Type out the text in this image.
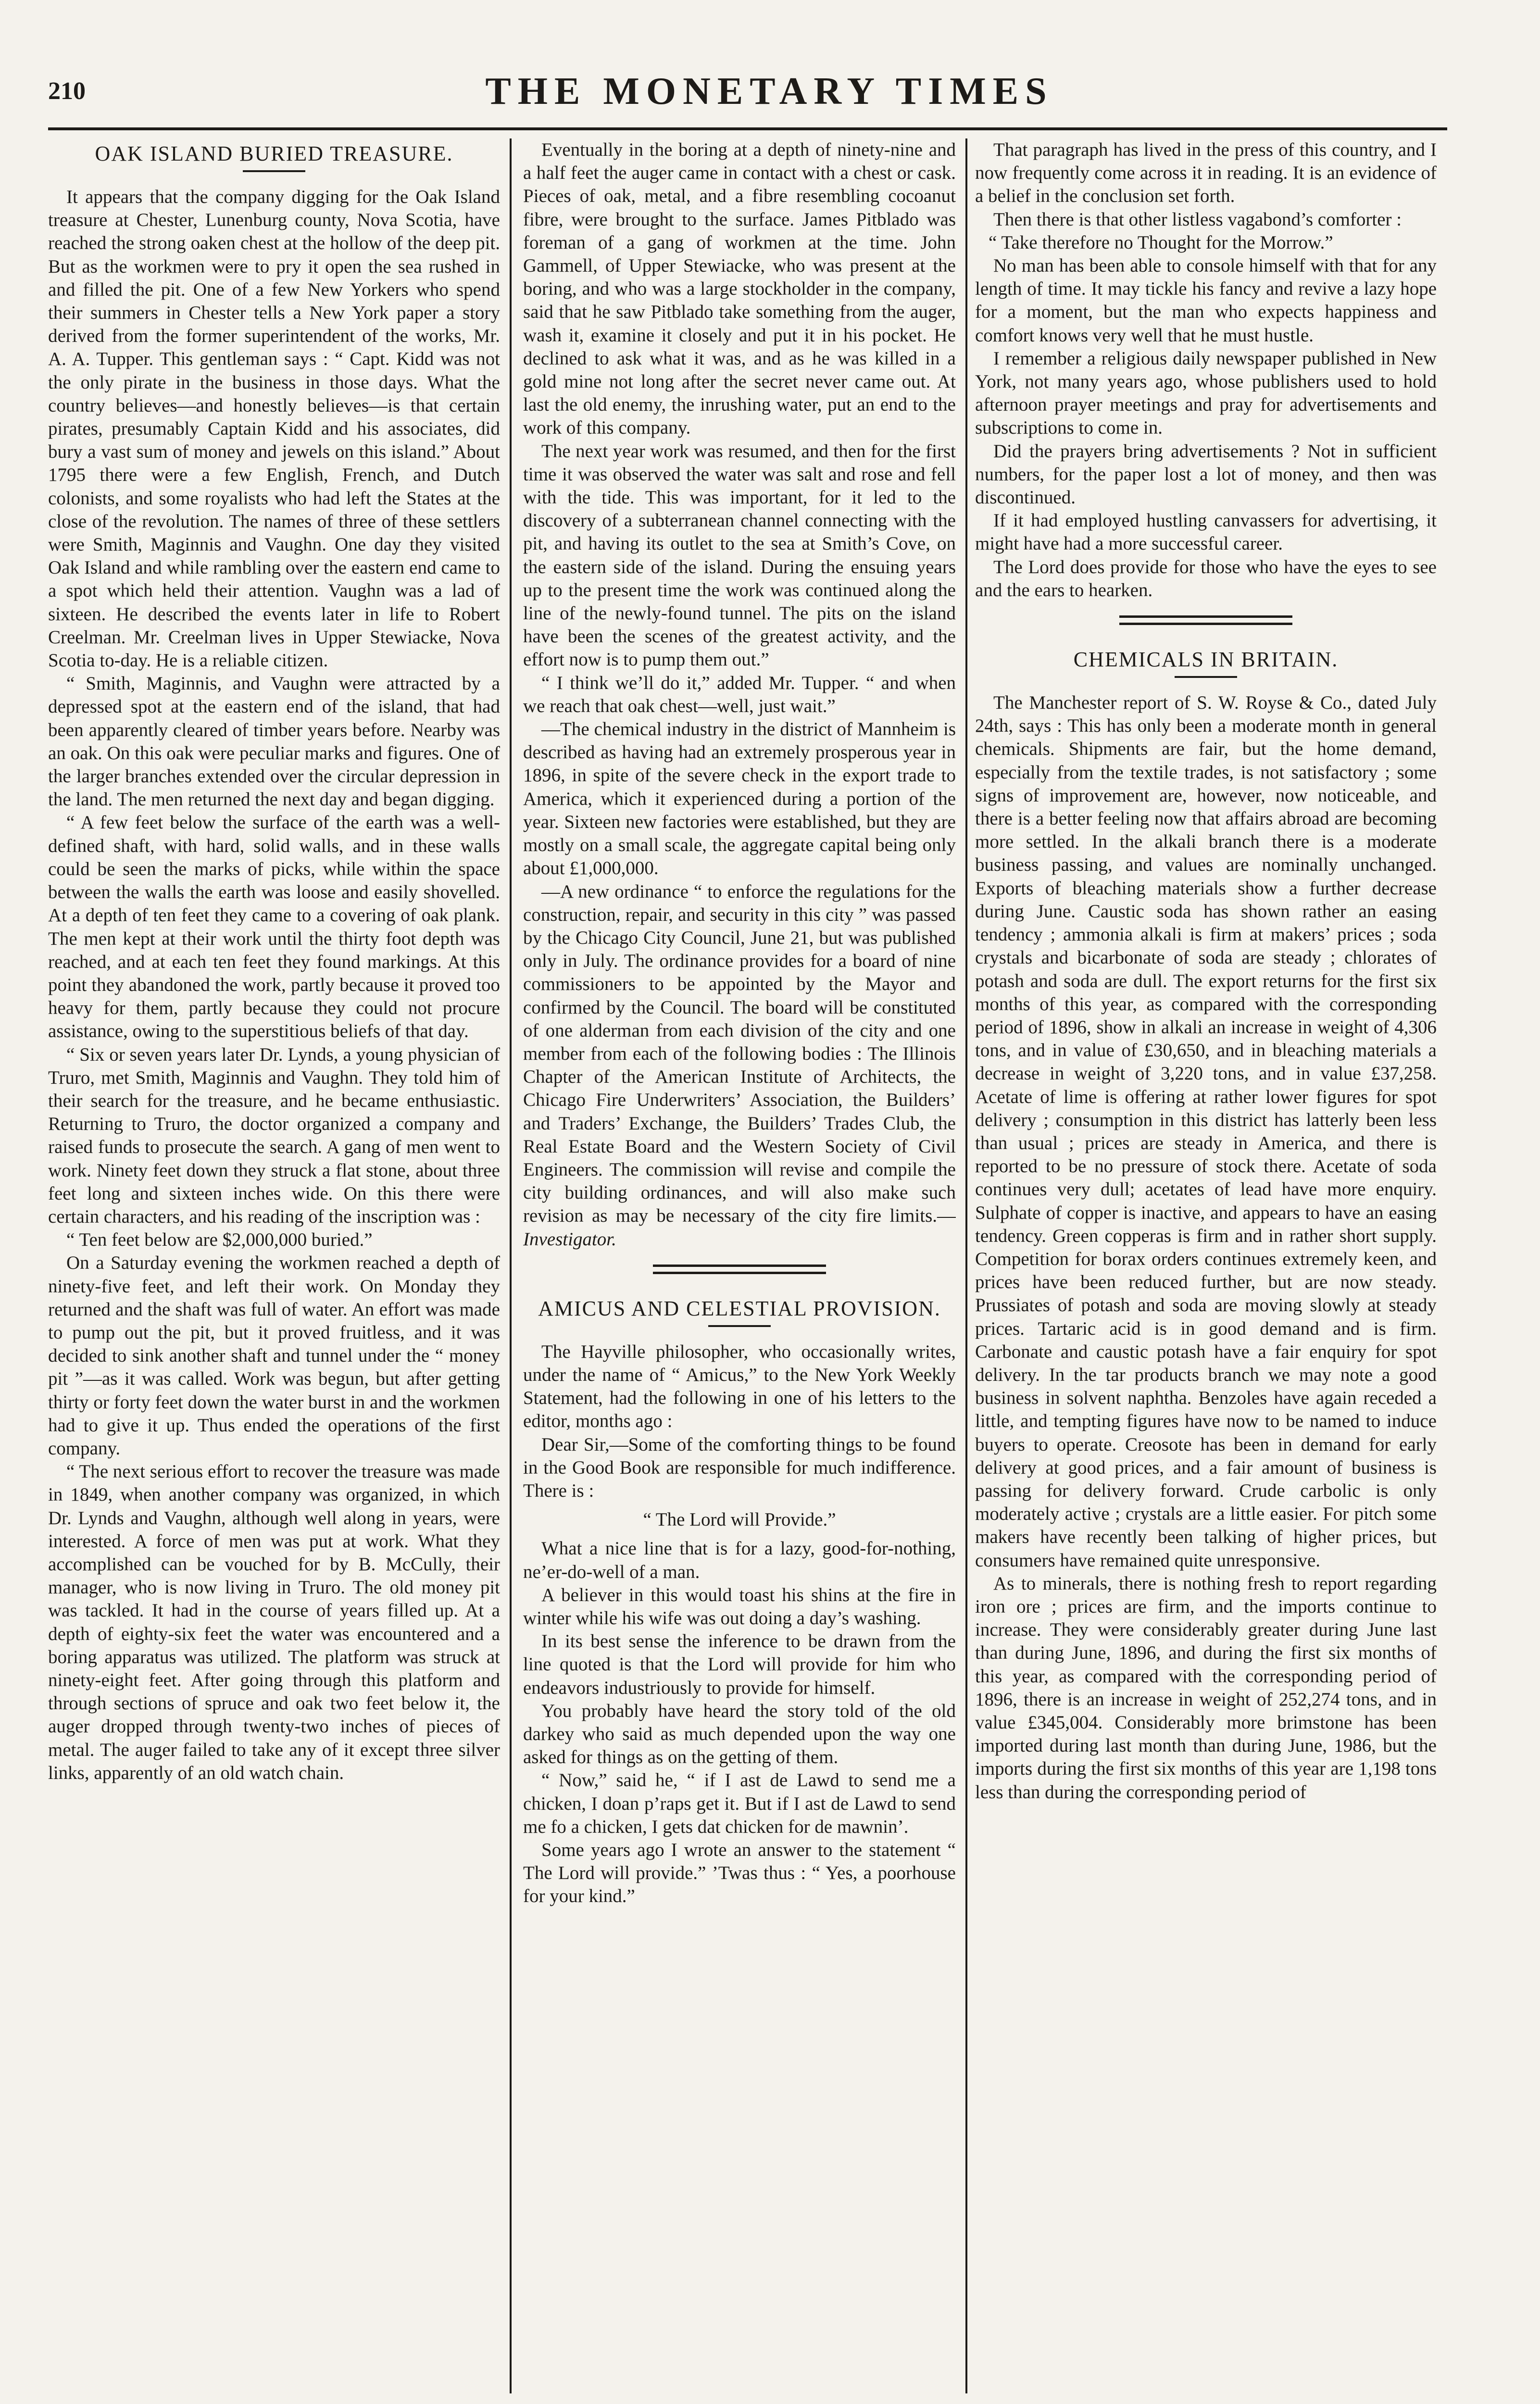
210	THE MONETARY TIMES
OAK ISLAND BURIED TREASURE.

It appears that the company digging for the Oak Island treasure at Chester, Lunenburg county, Nova Scotia, have reached the strong oaken chest at the hollow of the deep pit. But as the workmen were to pry it open the sea rushed in and filled the pit. One of a few New Yorkers who spend their summers in Chester tells a New York paper a story derived from the former superintendent of the works, Mr. A. A. Tupper. This gentleman says : “ Capt. Kidd was not the only pirate in the business in those days. What the country believes—and honestly believes—is that certain pirates, presumably Captain Kidd and his associates, did bury a vast sum of money and jewels on this island.” About 1795 there were a few English, French, and Dutch colonists, and some royalists who had left the States at the close of the revolution. The names of three of these settlers were Smith, Maginnis and Vaughn. One day they visited Oak Island and while rambling over the eastern end came to a spot which held their attention. Vaughn was a lad of sixteen. He described the events later in life to Robert Creelman. Mr. Creelman lives in Upper Stewiacke, Nova Scotia to-day. He is a reliable citizen.

“ Smith, Maginnis, and Vaughn were attracted by a depressed spot at the eastern end of the island, that had been apparently cleared of timber years before. Nearby was an oak. On this oak were peculiar marks and figures. One of the larger branches extended over the circular depression in the land. The men returned the next day and began digging.

“ A few feet below the surface of the earth was a well-defined shaft, with hard, solid walls, and in these walls could be seen the marks of picks, while within the space between the walls the earth was loose and easily shovelled. At a depth of ten feet they came to a covering of oak plank. The men kept at their work until the thirty foot depth was reached, and at each ten feet they found markings. At this point they abandoned the work, partly because it proved too heavy for them, partly because they could not procure assistance, owing to the superstitious beliefs of that day.

“ Six or seven years later Dr. Lynds, a young physician of Truro, met Smith, Maginnis and Vaughn. They told him of their search for the treasure, and he became enthusiastic. Returning to Truro, the doctor organized a company and raised funds to prosecute the search. A gang of men went to work. Ninety feet down they struck a flat stone, about three feet long and sixteen inches wide. On this there were certain characters, and his reading of the inscription was :

“ Ten feet below are $2,000,000 buried.”

On a Saturday evening the workmen reached a depth of ninety-five feet, and left their work. On Monday they returned and the shaft was full of water. An effort was made to pump out the pit, but it proved fruitless, and it was decided to sink another shaft and tunnel under the “ money pit ”—as it was called. Work was begun, but after getting thirty or forty feet down the water burst in and the workmen had to give it up. Thus ended the operations of the first company.

“ The next serious effort to recover the treasure was made in 1849, when another company was organized, in which Dr. Lynds and Vaughn, although well along in years, were interested. A force of men was put at work. What they accomplished can be vouched for by B. McCully, their manager, who is now living in Truro. The old money pit was tackled. It had in the course of years filled up. At a depth of eighty-six feet the water was encountered and a boring apparatus was utilized. The platform was struck at ninety-eight feet. After going through this platform and through sections of spruce and oak two feet below it, the auger dropped through twenty-two inches of pieces of metal. The auger failed to take any of it except three silver links, apparently of an old watch chain.

Eventually in the boring at a depth of ninety-nine and a half feet the auger came in contact with a chest or cask. Pieces of oak, metal, and a fibre resembling cocoanut fibre, were brought to the surface. James Pitblado was foreman of a gang of workmen at the time. John Gammell, of Upper Stewiacke, who was present at the boring, and who was a large stockholder in the company, said that he saw Pitblado take something from the auger, wash it, examine it closely and put it in his pocket. He declined to ask what it was, and as he was killed in a gold mine not long after the secret never came out. At last the old enemy, the inrushing water, put an end to the work of this company.

The next year work was resumed, and then for the first time it was observed the water was salt and rose and fell with the tide. This was important, for it led to the discovery of a subterranean channel connecting with the pit, and having its outlet to the sea at Smith’s Cove, on the eastern side of the island. During the ensuing years up to the present time the work was continued along the line of the newly-found tunnel. The pits on the island have been the scenes of the greatest activity, and the effort now is to pump them out.”

“ I think we’ll do it,” added Mr. Tupper. “ and when we reach that oak chest—well, just wait.”

—The chemical industry in the district of Mannheim is described as having had an extremely prosperous year in 1896, in spite of the severe check in the export trade to America, which it experienced during a portion of the year. Sixteen new factories were established, but they are mostly on a small scale, the aggregate capital being only about £1,000,000.

—A new ordinance “ to enforce the regulations for the construction, repair, and security in this city ” was passed by the Chicago City Council, June 21, but was published only in July. The ordinance provides for a board of nine commissioners to be appointed by the Mayor and confirmed by the Council. The board will be constituted of one alderman from each division of the city and one member from each of the following bodies : The Illinois Chapter of the American Institute of Architects, the Chicago Fire Underwriters’ Association, the Builders’ and Traders’ Exchange, the Builders’ Trades Club, the Real Estate Board and the Western Society of Civil Engineers. The commission will revise and compile the city building ordinances, and will also make such revision as may be necessary of the city fire limits.—Investigator.

AMICUS AND CELESTIAL PROVISION.

The Hayville philosopher, who occasionally writes, under the name of “ Amicus,” to the New York Weekly Statement, had the following in one of his letters to the editor, months ago :

Dear Sir,—Some of the comforting things to be found in the Good Book are responsible for much indifference. There is :

“ The Lord will Provide.”

What a nice line that is for a lazy, good-for-nothing, ne’er-do-well of a man.

A believer in this would toast his shins at the fire in winter while his wife was out doing a day’s washing.

In its best sense the inference to be drawn from the line quoted is that the Lord will provide for him who endeavors industriously to provide for himself.

You probably have heard the story told of the old darkey who said as much depended upon the way one asked for things as on the getting of them.

“ Now,” said he, “ if I ast de Lawd to send me a chicken, I doan p’raps get it. But if I ast de Lawd to send me fo a chicken, I gets dat chicken for de mawnin’.

Some years ago I wrote an answer to the statement “ The Lord will provide.” ’Twas thus : “ Yes, a poorhouse for your kind.”

That paragraph has lived in the press of this country, and I now frequently come across it in reading. It is an evidence of a belief in the conclusion set forth.

Then there is that other listless vagabond’s comforter :

“ Take therefore no Thought for the Morrow.”

No man has been able to console himself with that for any length of time. It may tickle his fancy and revive a lazy hope for a moment, but the man who expects happiness and comfort knows very well that he must hustle.

I remember a religious daily newspaper published in New York, not many years ago, whose publishers used to hold afternoon prayer meetings and pray for advertisements and subscriptions to come in.

Did the prayers bring advertisements ? Not in sufficient numbers, for the paper lost a lot of money, and then was discontinued.

If it had employed hustling canvassers for advertising, it might have had a more successful career.

The Lord does provide for those who have the eyes to see and the ears to hearken.

CHEMICALS IN BRITAIN.

The Manchester report of S. W. Royse & Co., dated July 24th, says : This has only been a moderate month in general chemicals. Shipments are fair, but the home demand, especially from the textile trades, is not satisfactory ; some signs of improvement are, however, now noticeable, and there is a better feeling now that affairs abroad are becoming more settled. In the alkali branch there is a moderate business passing, and values are nominally unchanged. Exports of bleaching materials show a further decrease during June. Caustic soda has shown rather an easing tendency ; ammonia alkali is firm at makers’ prices ; soda crystals and bicarbonate of soda are steady ; chlorates of potash and soda are dull. The export returns for the first six months of this year, as compared with the corresponding period of 1896, show in alkali an increase in weight of 4,306 tons, and in value of £30,650, and in bleaching materials a decrease in weight of 3,220 tons, and in value £37,258. Acetate of lime is offering at rather lower figures for spot delivery ; consumption in this district has latterly been less than usual ; prices are steady in America, and there is reported to be no pressure of stock there. Acetate of soda continues very dull; acetates of lead have more enquiry. Sulphate of copper is inactive, and appears to have an easing tendency. Green copperas is firm and in rather short supply. Competition for borax orders continues extremely keen, and prices have been reduced further, but are now steady. Prussiates of potash and soda are moving slowly at steady prices. Tartaric acid is in good demand and is firm. Carbonate and caustic potash have a fair enquiry for spot delivery. In the tar products branch we may note a good business in solvent naphtha. Benzoles have again receded a little, and tempting figures have now to be named to induce buyers to operate. Creosote has been in demand for early delivery at good prices, and a fair amount of business is passing for delivery forward. Crude carbolic is only moderately active ; crystals are a little easier. For pitch some makers have recently been talking of higher prices, but consumers have remained quite unresponsive.

As to minerals, there is nothing fresh to report regarding iron ore ; prices are firm, and the imports continue to increase. They were considerably greater during June last than during June, 1896, and during the first six months of this year, as compared with the corresponding period of 1896, there is an increase in weight of 252,274 tons, and in value £345,004. Considerably more brimstone has been imported during last month than during June, 1986, but the imports during the first six months of this year are 1,198 tons less than during the corresponding period of
